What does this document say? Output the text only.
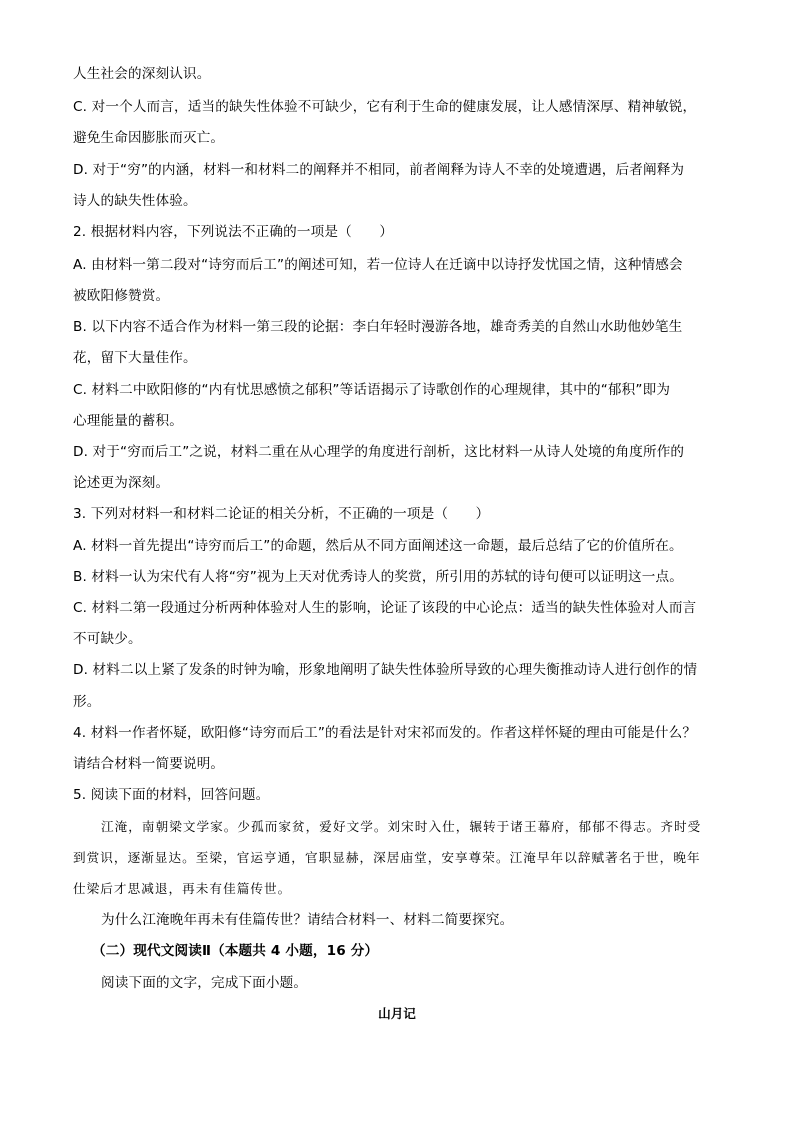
人生社会的深刻认识。
C. 对一个人而言，适当的缺失性体验不可缺少，它有利于生命的健康发展，让人感情深厚、精神敏锐，
避免生命因膨胀而灭亡。
D. 对于“穷”的内涵，材料一和材料二的阐释并不相同，前者阐释为诗人不幸的处境遭遇，后者阐释为
诗人的缺失性体验。
2. 根据材料内容，下列说法不正确的一项是（　　）
A. 由材料一第二段对“诗穷而后工”的阐述可知，若一位诗人在迁谪中以诗抒发忧国之情，这种情感会
被欧阳修赞赏。
B. 以下内容不适合作为材料一第三段的论据：李白年轻时漫游各地，雄奇秀美的自然山水助他妙笔生
花，留下大量佳作。
C. 材料二中欧阳修的“内有忧思感愤之郁积”等话语揭示了诗歌创作的心理规律，其中的“郁积”即为
心理能量的蓄积。
D. 对于“穷而后工”之说，材料二重在从心理学的角度进行剖析，这比材料一从诗人处境的角度所作的
论述更为深刻。
3. 下列对材料一和材料二论证的相关分析，不正确的一项是（　　）
A. 材料一首先提出“诗穷而后工”的命题，然后从不同方面阐述这一命题，最后总结了它的价值所在。
B. 材料一认为宋代有人将“穷”视为上天对优秀诗人的奖赏，所引用的苏轼的诗句便可以证明这一点。
C. 材料二第一段通过分析两种体验对人生的影响，论证了该段的中心论点：适当的缺失性体验对人而言
不可缺少。
D. 材料二以上紧了发条的时钟为喻，形象地阐明了缺失性体验所导致的心理失衡推动诗人进行创作的情
形。
4. 材料一作者怀疑，欧阳修“诗穷而后工”的看法是针对宋祁而发的。作者这样怀疑的理由可能是什么？
请结合材料一简要说明。
5. 阅读下面的材料，回答问题。
江淹，南朝梁文学家。少孤而家贫，爱好文学。刘宋时入仕，辗转于诸王幕府，郁郁不得志。齐时受
到赏识，逐渐显达。至梁，官运亨通，官职显赫，深居庙堂，安享尊荣。江淹早年以辞赋著名于世，晚年
仕梁后才思减退，再未有佳篇传世。
为什么江淹晚年再未有佳篇传世？请结合材料一、材料二简要探究。
（二）现代文阅读Ⅱ（本题共 4 小题，16 分）
阅读下面的文字，完成下面小题。
山月记
